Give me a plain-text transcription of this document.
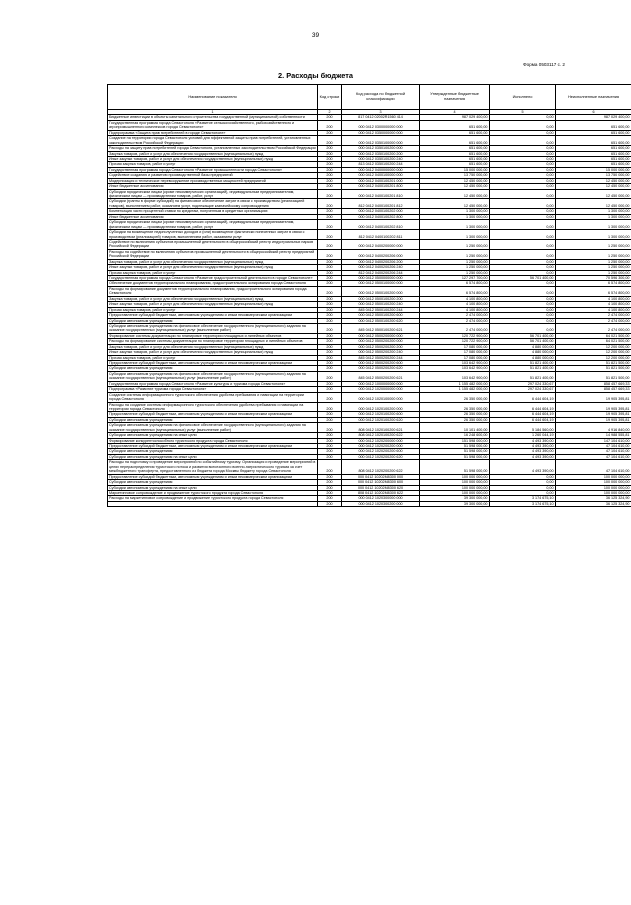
39
Форма 0503117 с. 2
2. Расходы бюджета
Наименование показателя	Код строки	Код расхода по бюджетной классификации	Утвержденные бюджетные назначения	Исполнено	Неисполненные назначения
1	2	3	4	5	6
Бюджетные инвестиции в объекты капитального строительства государственной (муниципальной) собственности	200	817 0412 02002R1560 414	987 029 400,00	0,00	987 029 400,00
Государственная программа города Севастополя «Развитие сельскохозяйственного, рыбохозяйственного и агропромышленного комплексов города Севастополя»	200	000 0412 0300000000 000	651 600,00	0,00	651 600,00
Подпрограмма «Защита прав потребителей в городе Севастополе»	200	000 0412 0350000000 000	651 600,00	0,00	651 600,00
Создание на территории города Севастополя условий для эффективной защиты прав потребителей, установленных законодательством Российской Федерации	200	000 0412 0350100000 000	651 600,00	0,00	651 600,00
Расходы на защиту прав потребителей города Севастополя, установленных законодательством Российской Федерации	200	000 0412 0350100200 000	651 600,00	0,00	651 600,00
Закупка товаров, работ и услуг для обеспечения государственных (муниципальных) нужд	200	000 0412 0350100200 200	651 600,00	0,00	651 600,00
Иные закупки товаров, работ и услуг для обеспечения государственных (муниципальных) нужд	200	000 0412 0350100200 240	651 600,00	0,00	651 600,00
Прочая закупка товаров, работ и услуг	200	813 0412 0350100200 244	651 600,00	0,00	651 600,00
Государственная программа города Севастополя «Развитие промышленности города Севастополя»	200	000 0412 0400000000 000	15 000 000,00	0,00	15 000 000,00
Содействие созданию и развитию производственной базы предприятий	200	000 0412 0400100000 000	13 750 000,00	0,00	13 750 000,00
Модернизация и техническое перевооружение производственных мощностей предприятий	200	000 0412 0400100201 000	12 450 000,00	0,00	12 450 000,00
Иные бюджетные ассигнования	200	000 0412 0400100201 800	12 450 000,00	0,00	12 450 000,00
Субсидии юридическим лицам (кроме некоммерческих организаций), индивидуальным предпринимателям, физическим лицам — производителям товаров, работ, услуг	200	000 0412 0400100201 810	12 450 000,00	0,00	12 450 000,00
Субсидии (гранты в форме субсидий) на финансовое обеспечение затрат в связи с производством (реализацией товаров), выполнением работ, оказанием услуг, подлежащие казначейскому сопровождению	200	812 0412 0400100201 812	12 450 000,00	0,00	12 450 000,00
Компенсация части процентной ставки по кредитам, полученным в кредитных организациях	200	000 0412 0400100202 000	1 300 000,00	0,00	1 300 000,00
Иные бюджетные ассигнования	200	000 0412 0400100202 800	1 300 000,00	0,00	1 300 000,00
Субсидии юридическим лицам (кроме некоммерческих организаций), индивидуальным предпринимателям, физическим лицам — производителям товаров, работ, услуг	200	000 0412 0400100202 810	1 300 000,00	0,00	1 300 000,00
Субсидии на возмещение недополученных доходов и (или) возмещение фактически понесенных затрат в связи с производством (реализацией) товаров, выполнением работ, оказанием услуг	200	812 0412 0400100202 811	1 300 000,00	0,00	1 300 000,00
Содействие по включению субъектов промышленной деятельности в общероссийский реестр индустриальных парков Российской Федерации	200	000 0412 0400200000 000	1 250 000,00	0,00	1 250 000,00
Расходы на содействие по включению субъектов промышленной деятельности в общероссийский реестр предприятий Российской Федерации	200	000 0412 0400200206 000	1 250 000,00	0,00	1 250 000,00
Закупка товаров, работ и услуг для обеспечения государственных (муниципальных) нужд	200	000 0412 0400200206 200	1 250 000,00	0,00	1 250 000,00
Иные закупки товаров, работ и услуг для обеспечения государственных (муниципальных) нужд	200	000 0412 0400200206 240	1 250 000,00	0,00	1 250 000,00
Прочая закупка товаров, работ и услуг	200	812 0412 0400200206 244	1 250 000,00	0,00	1 250 000,00
Государственная программа города Севастополя «Развитие градостроительной деятельности в городе Севастополе»	200	000 0412 0500000000 000	127 297 700,00	56 701 400,00	70 596 300,00
Обеспечение документов территориального планирования, градостроительного зонирования города Севастополя	200	000 0412 0500100000 000	6 574 800,00	0,00	6 574 800,00
Расходы на формирование документов территориального планирования, градостроительного зонирования города Севастополя	200	000 0412 0500100200 000	6 574 800,00	0,00	6 574 800,00
Закупка товаров, работ и услуг для обеспечения государственных (муниципальных) нужд	200	000 0412 0500100200 200	4 100 800,00	0,00	4 100 800,00
Иные закупки товаров, работ и услуг для обеспечения государственных (муниципальных) нужд	200	000 0412 0500100200 240	4 100 800,00	0,00	4 100 800,00
Прочая закупка товаров, работ и услуг	200	845 0412 0500100200 244	4 100 800,00	0,00	4 100 800,00
Предоставление субсидий бюджетным, автономным учреждениям и иным некоммерческим организациям	200	000 0412 0500100200 600	2 474 000,00	0,00	2 474 000,00
Субсидии автономным учреждениям	200	000 0412 0500100200 620	2 474 000,00	0,00	2 474 000,00
Субсидии автономным учреждениям на финансовое обеспечение государственного (муниципального) задания на оказание государственных (муниципальных) услуг (выполнение работ)	200	845 0412 0500100200 621	2 474 000,00	0,00	2 474 000,00
Формирование системы документации по планировке территории площадных и линейных объектов	200	000 0412 0500200000 000	120 722 900,00	56 701 400,00	64 021 500,00
Расходы на формирование системы документации по планировке территории площадных и линейных объектов	200	000 0412 0500200200 000	120 722 900,00	56 701 400,00	64 021 500,00
Закупка товаров, работ и услуг для обеспечения государственных (муниципальных) нужд	200	000 0412 0500200200 200	17 080 000,00	4 880 000,00	12 200 000,00
Иные закупки товаров, работ и услуг для обеспечения государственных (муниципальных) нужд	200	000 0412 0500200200 240	17 080 000,00	4 880 000,00	12 200 000,00
Прочая закупка товаров, работ и услуг	200	845 0412 0500200200 244	17 080 000,00	4 880 000,00	12 200 000,00
Предоставление субсидий бюджетным, автономным учреждениям и иным некоммерческим организациям	200	000 0412 0500200200 600	103 642 900,00	51 821 400,00	51 821 500,00
Субсидии автономным учреждениям	200	000 0412 0500200200 620	103 642 900,00	51 821 400,00	51 821 500,00
Субсидии автономным учреждениям на финансовое обеспечение государственного (муниципального) задания на оказание государственных (муниципальных) услуг (выполнение работ)	200	845 0412 0500200200 621	103 642 900,00	51 821 400,00	51 821 500,00
Государственная программа города Севастополя «Развитие культуры и туризма города Севастополя»	200	000 0412 1000000000 000	1 155 482 000,00	297 024 330,67	858 457 669,33
Подпрограмма «Развитие туризма города Севастополя»	200	000 0412 1020000000 000	1 155 482 000,00	297 024 330,67	858 457 669,33
Создание системы информационного туристского обеспечения удобства пребывания и навигации на территории города Севастополя	200	000 0412 1020100000 000	26 350 000,00	6 444 604,19	19 905 395,81
Расходы на создание системы информационного туристского обеспечения удобства пребывания и навигации на территории города Севастополя	200	000 0412 1020100200 000	26 350 000,00	6 444 604,19	19 905 395,81
Предоставление субсидий бюджетным, автономным учреждениям и иным некоммерческим организациям	200	000 0412 1020100200 600	26 350 000,00	6 444 604,19	19 905 395,81
Субсидии автономным учреждениям	200	000 0412 1020100200 620	26 350 000,00	6 444 604,19	19 905 395,81
Субсидии автономным учреждениям на финансовое обеспечение государственного (муниципального) задания на оказание государственных (муниципальных) услуг (выполнение работ)	200	808 0412 1020100200 621	10 101 400,00	5 184 560,00	4 916 840,00
Субсидии автономным учреждениям на иные цели	200	808 0412 1020100200 622	16 248 600,00	1 260 044,19	14 988 555,81
Формирование конкурентоспособного туристского продукта города Севастополя	200	000 0412 1020200000 000	151 598 000,00	4 493 390,00	147 104 610,00
Предоставление субсидий бюджетным, автономным учреждениям и иным некоммерческим организациям	200	000 0412 1020200200 000	51 598 000,00	4 493 390,00	47 104 610,00
Субсидии автономным учреждениям	200	000 0412 1020200200 600	51 598 000,00	4 493 390,00	47 104 610,00
Субсидии автономным учреждениям на иные цели	200	000 0412 1020200200 620	51 598 000,00	4 493 390,00	47 104 610,00
Расходы на подготовку и проведение мероприятий по событийному туризму. Организация и проведение мероприятий в целях перераспределения туристского потока и развития всесезонного военно-патриотического туризма за счет межбюджетного трансферта, предоставленного из бюджета города Москвы бюджету города Севастополя	200	808 0412 1020200200 622	51 598 000,00	4 493 390,00	47 104 610,00
Предоставление субсидий бюджетным, автономным учреждениям и иным некоммерческим организациям	200	000 0412 10202M8300 000	100 000 000,00	0,00	100 000 000,00
Субсидии автономным учреждениям	200	000 0412 10202M8300 600	100 000 000,00	0,00	100 000 000,00
Субсидии автономным учреждениям на иные цели	200	000 0412 10202M8300 620	100 000 000,00	0,00	100 000 000,00
Маркетинговое сопровождение и продвижение туристского продукта города Севастополя	200	808 0412 10202M8300 622	100 000 000,00	0,00	100 000 000,00
Расходы на маркетинговое сопровождение и продвижение туристского продукта города Севастополя	200	000 0412 1020300000 000	39 300 000,00	3 174 675,10	36 125 324,90
	200	000 0412 1020300200 000	39 300 000,00	3 174 675,10	36 125 324,90
